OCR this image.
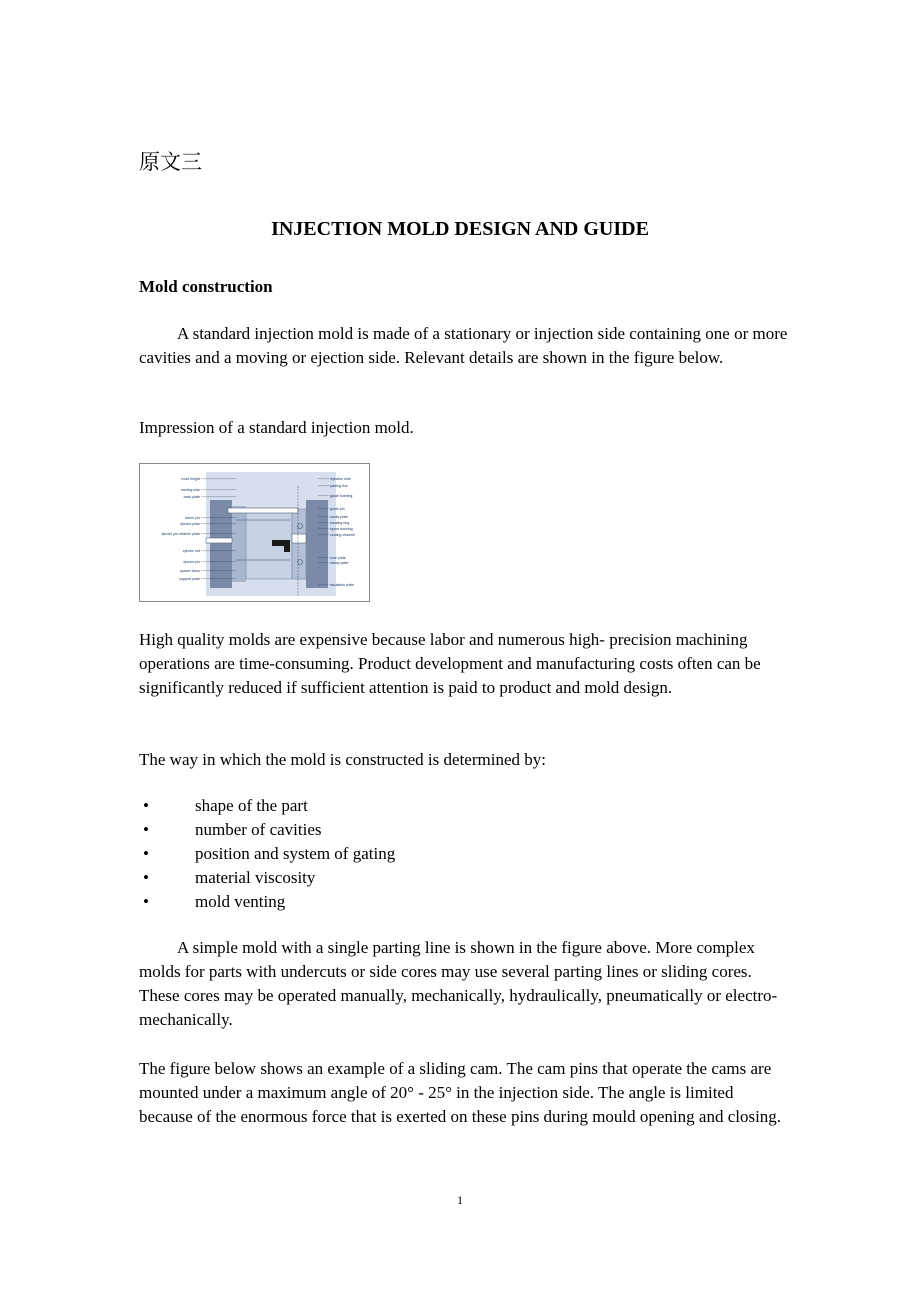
原文三
INJECTION MOLD DESIGN AND GUIDE
Mold construction
A standard injection mold is made of a stationary or injection side containing one or more cavities and a moving or ejection side. Relevant details are shown in the figure below.
Impression of a standard injection mold.
mold height
moving side
back plate
return pin
ejector plate
ejector pin retainer plate
ejector rod
ejector pin
spacer block
support plate
injection side
parting line
guide bushing
guide pin
cavity plate
locating ring
sprue bushing
cooling channel
core plate
clamp plate
insulation plate
High quality molds are expensive because labor and numerous high- precision machining operations are time-consuming. Product development and manufacturing costs often can be significantly reduced if sufficient attention is paid to product and mold design.
The way in which the mold is constructed is determined by:
•	shape of the part
•	number of cavities
•	position and system of gating
•	material viscosity
•	mold venting
A simple mold with a single parting line is shown in the figure above. More complex molds for parts with undercuts or side cores may use several parting lines or sliding cores. These cores may be operated manually, mechanically, hydraulically, pneumatically or electro-mechanically.
The figure below shows an example of a sliding cam. The cam pins that operate the cams are mounted under a maximum angle of 20° - 25° in the injection side. The angle is limited because of the enormous force that is exerted on these pins during mould opening and closing.
1
